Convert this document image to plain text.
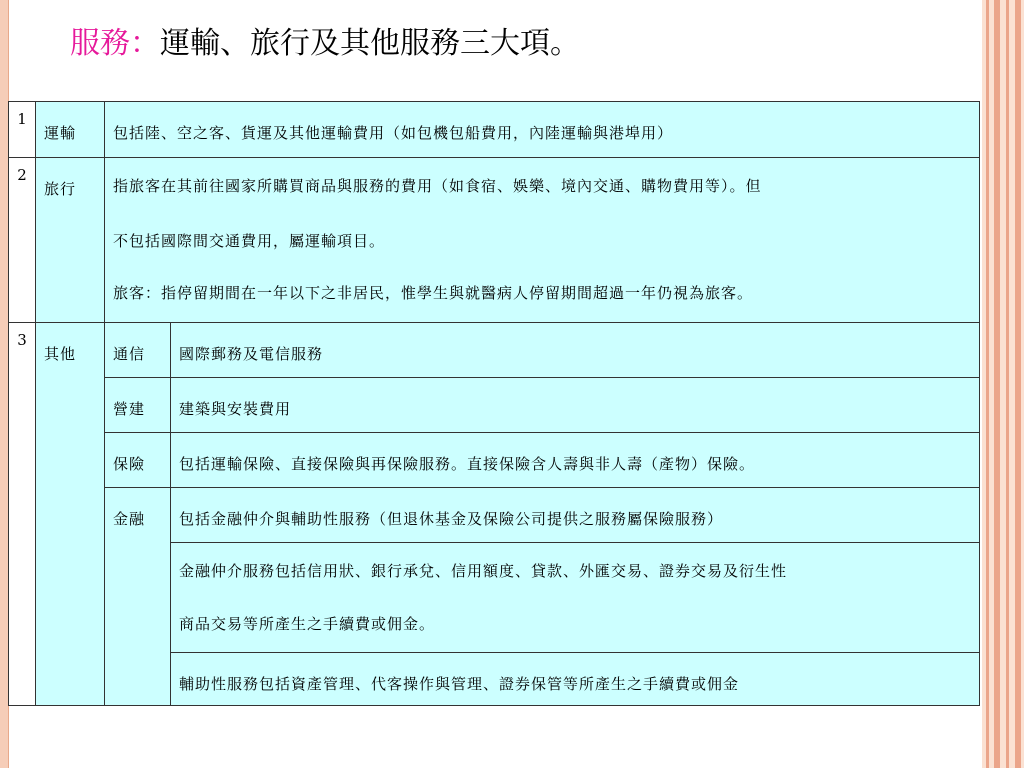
服務：運輸、旅行及其他服務三大項。
1	運輸	包括陸、空之客、貨運及其他運輸費用（如包機包船費用，內陸運輸與港埠用）	
2	旅行	指旅客在其前往國家所購買商品與服務的費用（如食宿、娛樂、境內交通、購物費用等）。但
不包括國際間交通費用，屬運輸項目。
旅客：指停留期間在一年以下之非居民，惟學生與就醫病人停留期間超過一年仍視為旅客。	

3	其他	通信	國際郵務及電信服務
		營建	建築與安裝費用
		保險	包括運輸保險、直接保險與再保險服務。直接保險含人壽與非人壽（產物）保險。
		金融	包括金融仲介與輔助性服務（但退休基金及保險公司提供之服務屬保險服務）

			金融仲介服務包括信用狀、銀行承兌、信用額度、貸款、外匯交易、證券交易及衍生性
商品交易等所產生之手續費或佣金。

			輔助性服務包括資產管理、代客操作與管理、證券保管等所產生之手續費或佣金
